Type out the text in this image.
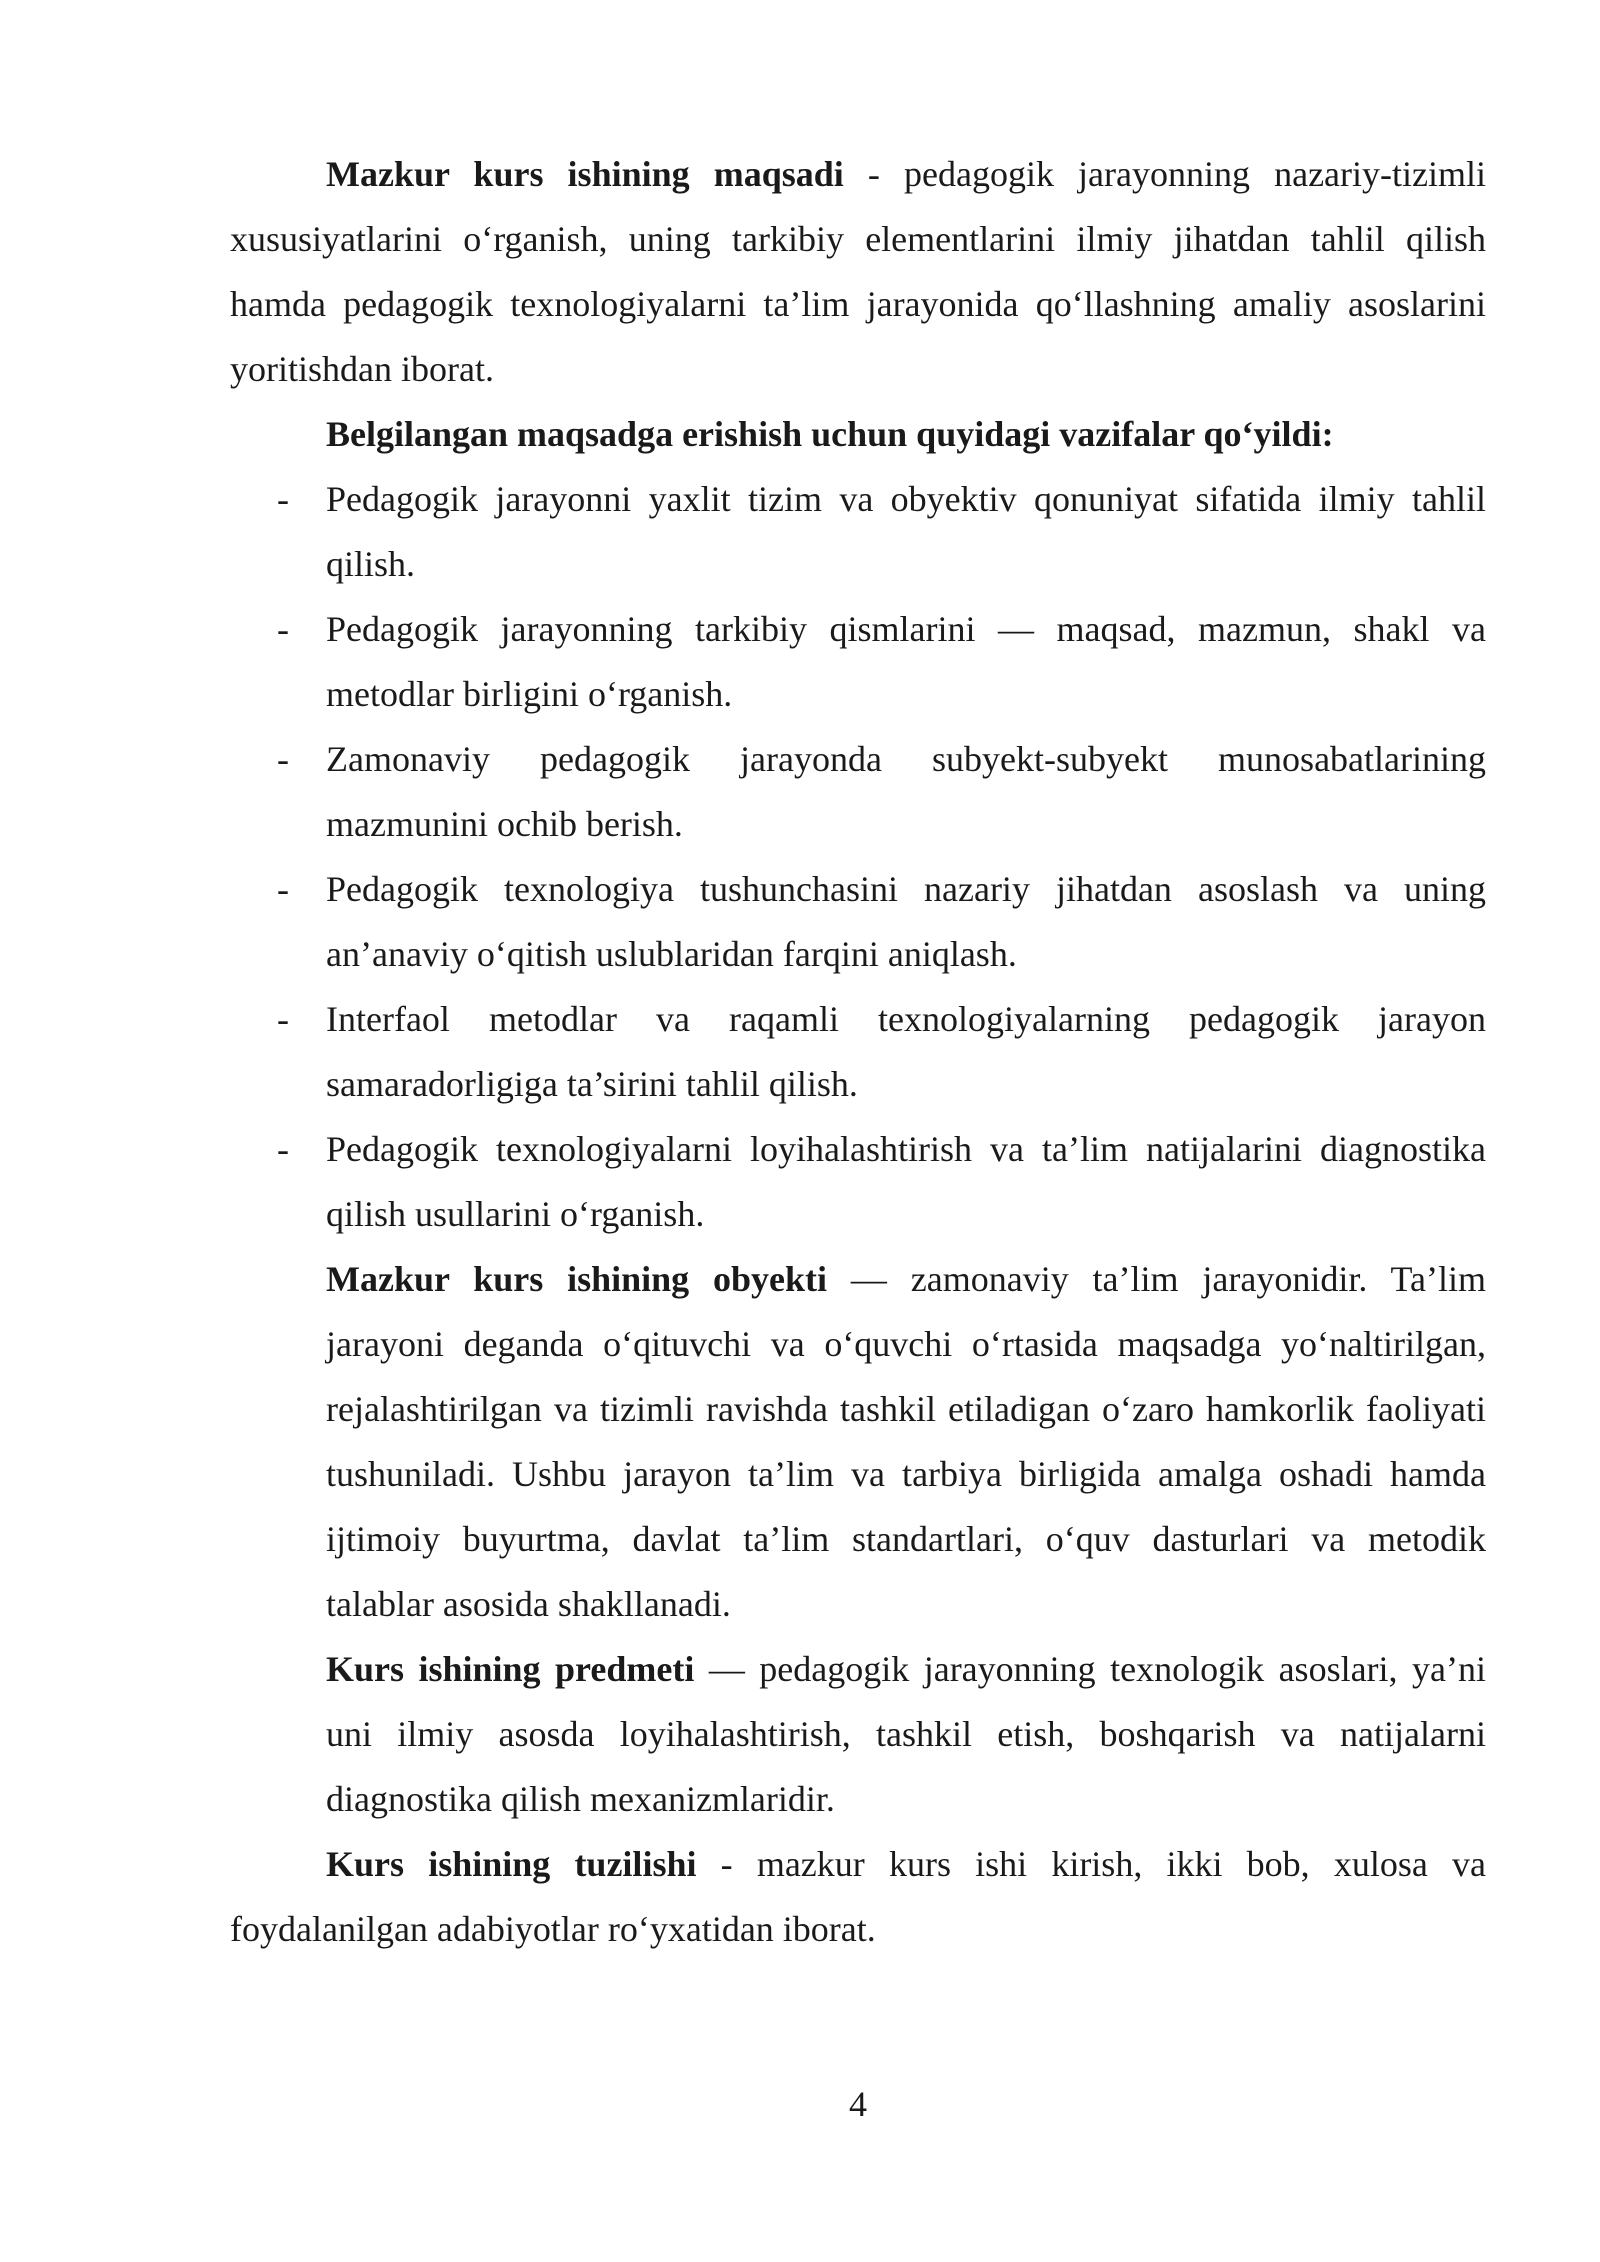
Mazkur kurs ishining maqsadi - pedagogik jarayonning nazariy-tizimli xususiyatlarini o‘rganish, uning tarkibiy elementlarini ilmiy jihatdan tahlil qilish hamda pedagogik texnologiyalarni ta’lim jarayonida qo‘llashning amaliy asoslarini yoritishdan iborat.

Belgilangan maqsadga erishish uchun quyidagi vazifalar qo‘yildi:

- Pedagogik jarayonni yaxlit tizim va obyektiv qonuniyat sifatida ilmiy tahlil qilish.
- Pedagogik jarayonning tarkibiy qismlarini — maqsad, mazmun, shakl va metodlar birligini o‘rganish.
- Zamonaviy pedagogik jarayonda subyekt-subyekt munosabatlarining mazmunini ochib berish.
- Pedagogik texnologiya tushunchasini nazariy jihatdan asoslash va uning an’anaviy o‘qitish uslublaridan farqini aniqlash.
- Interfaol metodlar va raqamli texnologiyalarning pedagogik jarayon samaradorligiga ta’sirini tahlil qilish.
- Pedagogik texnologiyalarni loyihalashtirish va ta’lim natijalarini diagnostika qilish usullarini o‘rganish.

Mazkur kurs ishining obyekti — zamonaviy ta’lim jarayonidir. Ta’lim jarayoni deganda o‘qituvchi va o‘quvchi o‘rtasida maqsadga yo‘naltirilgan, rejalashtirilgan va tizimli ravishda tashkil etiladigan o‘zaro hamkorlik faoliyati tushuniladi. Ushbu jarayon ta’lim va tarbiya birligida amalga oshadi hamda ijtimoiy buyurtma, davlat ta’lim standartlari, o‘quv dasturlari va metodik talablar asosida shakllanadi.

Kurs ishining predmeti — pedagogik jarayonning texnologik asoslari, ya’ni uni ilmiy asosda loyihalashtirish, tashkil etish, boshqarish va natijalarni diagnostika qilish mexanizmlaridir.

Kurs ishining tuzilishi - mazkur kurs ishi kirish, ikki bob, xulosa va foydalanilgan adabiyotlar ro‘yxatidan iborat.

4
